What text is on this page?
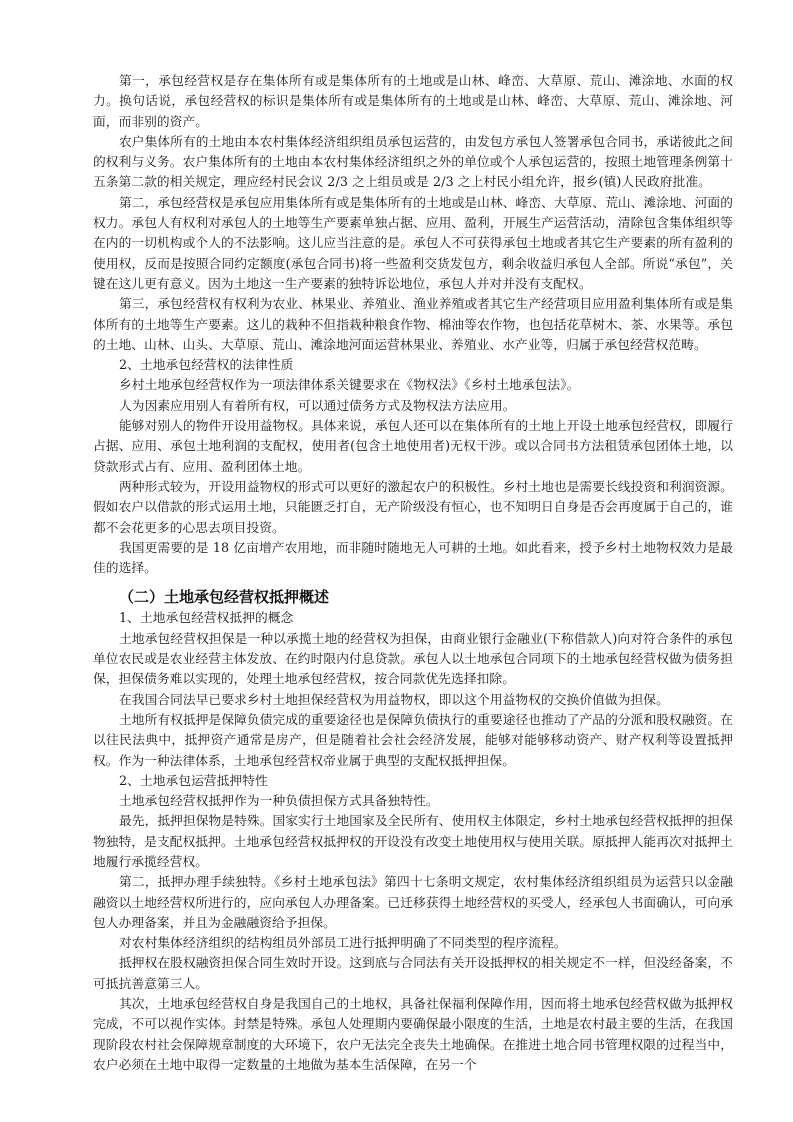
第一，承包经营权是存在集体所有或是集体所有的土地或是山林、峰峦、大草原、荒山、滩涂地、水面的权力。换句话说，承包经营权的标识是集体所有或是集体所有的土地或是山林、峰峦、大草原、荒山、滩涂地、河面，而非别的资产。

农户集体所有的土地由本农村集体经济组织组员承包运营的，由发包方承包人签署承包合同书，承诺彼此之间的权利与义务。农户集体所有的土地由本农村集体经济组织之外的单位或个人承包运营的，按照土地管理条例第十五条第二款的相关规定，理应经村民会议 2/3 之上组员或是 2/3 之上村民小组允许，报乡(镇)人民政府批准。

第二，承包经营权是承包应用集体所有或是集体所有的土地或是山林、峰峦、大草原、荒山、滩涂地、河面的权力。承包人有权利对承包人的土地等生产要素单独占据、应用、盈利，开展生产运营活动，清除包含集体组织等在内的一切机构或个人的不法影响。这儿应当注意的是。承包人不可获得承包土地或者其它生产要素的所有盈利的使用权，反而是按照合同约定额度(承包合同书)将一些盈利交货发包方，剩余收益归承包人全部。所说“承包”，关键在这儿更有意义。因为土地这一生产要素的独特诉讼地位，承包人并对并没有支配权。

第三，承包经营权有权利为农业、林果业、养殖业、渔业养殖或者其它生产经营项目应用盈利集体所有或是集体所有的土地等生产要素。这儿的栽种不但指栽种粮食作物、棉油等农作物，也包括花草树木、茶、水果等。承包的土地、山林、山头、大草原、荒山、滩涂地河面运营林果业、养殖业、水产业等，归属于承包经营权范畴。

2、土地承包经营权的法律性质

乡村土地承包经营权作为一项法律体系关键要求在《物权法》《乡村土地承包法》。

人为因素应用别人有着所有权，可以通过债务方式及物权法方法应用。

能够对别人的物件开设用益物权。具体来说，承包人还可以在集体所有的土地上开设土地承包经营权，即履行占据、应用、承包土地利润的支配权，使用者(包含土地使用者)无权干涉。或以合同书方法租赁承包团体土地，以贷款形式占有、应用、盈利团体土地。

两种形式较为，开设用益物权的形式可以更好的激起农户的积极性。乡村土地也是需要长线投资和利润资源。假如农户以借款的形式运用土地，只能匮乏打自，无产阶级没有恒心，也不知明日自身是否会再度属于自己的，谁都不会花更多的心思去项目投资。

我国更需要的是 18 亿亩增产农用地，而非随时随地无人可耕的土地。如此看来，授予乡村土地物权效力是最佳的选择。

（二）土地承包经营权抵押概述

1、土地承包经营权抵押的概念

土地承包经营权担保是一种以承揽土地的经营权为担保，由商业银行金融业(下称借款人)向对符合条件的承包单位农民或是农业经营主体发放、在约时限内付息贷款。承包人以土地承包合同项下的土地承包经营权做为债务担保，担保债务难以实现的，处理土地承包经营权，按合同款优先选择扣除。

在我国合同法早已要求乡村土地担保经营权为用益物权，即以这个用益物权的交换价值做为担保。

土地所有权抵押是保障负债完成的重要途径也是保障负债执行的重要途径也推动了产品的分派和股权融资。在以往民法典中，抵押资产通常是房产，但是随着社会社会经济发展，能够对能够移动资产、财产权利等设置抵押权。作为一种法律体系，土地承包经营权帝业属于典型的支配权抵押担保。

2、土地承包运营抵押特性

土地承包经营权抵押作为一种负债担保方式具备独特性。

最先，抵押担保物是特殊。国家实行土地国家及全民所有、使用权主体限定，乡村土地承包经营权抵押的担保物独特，是支配权抵押。土地承包经营权抵押权的开设没有改变土地使用权与使用关联。原抵押人能再次对抵押土地履行承揽经营权。

第二，抵押办理手续独特。《乡村土地承包法》第四十七条明文规定，农村集体经济组织组员为运营只以金融融资以土地经营权所进行的，应向承包人办理备案。已迁移获得土地经营权的买受人，经承包人书面确认，可向承包人办理备案，并且为金融融资给予担保。

对农村集体经济组织的结构组员外部员工进行抵押明确了不同类型的程序流程。

抵押权在股权融资担保合同生效时开设。这到底与合同法有关开设抵押权的相关规定不一样，但没经备案，不可抵抗善意第三人。

其次，土地承包经营权自身是我国自己的土地权，具备社保福利保障作用，因而将土地承包经营权做为抵押权完成，不可以视作实体。封禁是特殊。承包人处理期内要确保最小限度的生活，土地是农村最主要的生活，在我国现阶段农村社会保障规章制度的大环境下，农户无法完全丧失土地确保。在推进土地合同书管理权限的过程当中，农户必须在土地中取得一定数量的土地做为基本生活保障，在另一个
